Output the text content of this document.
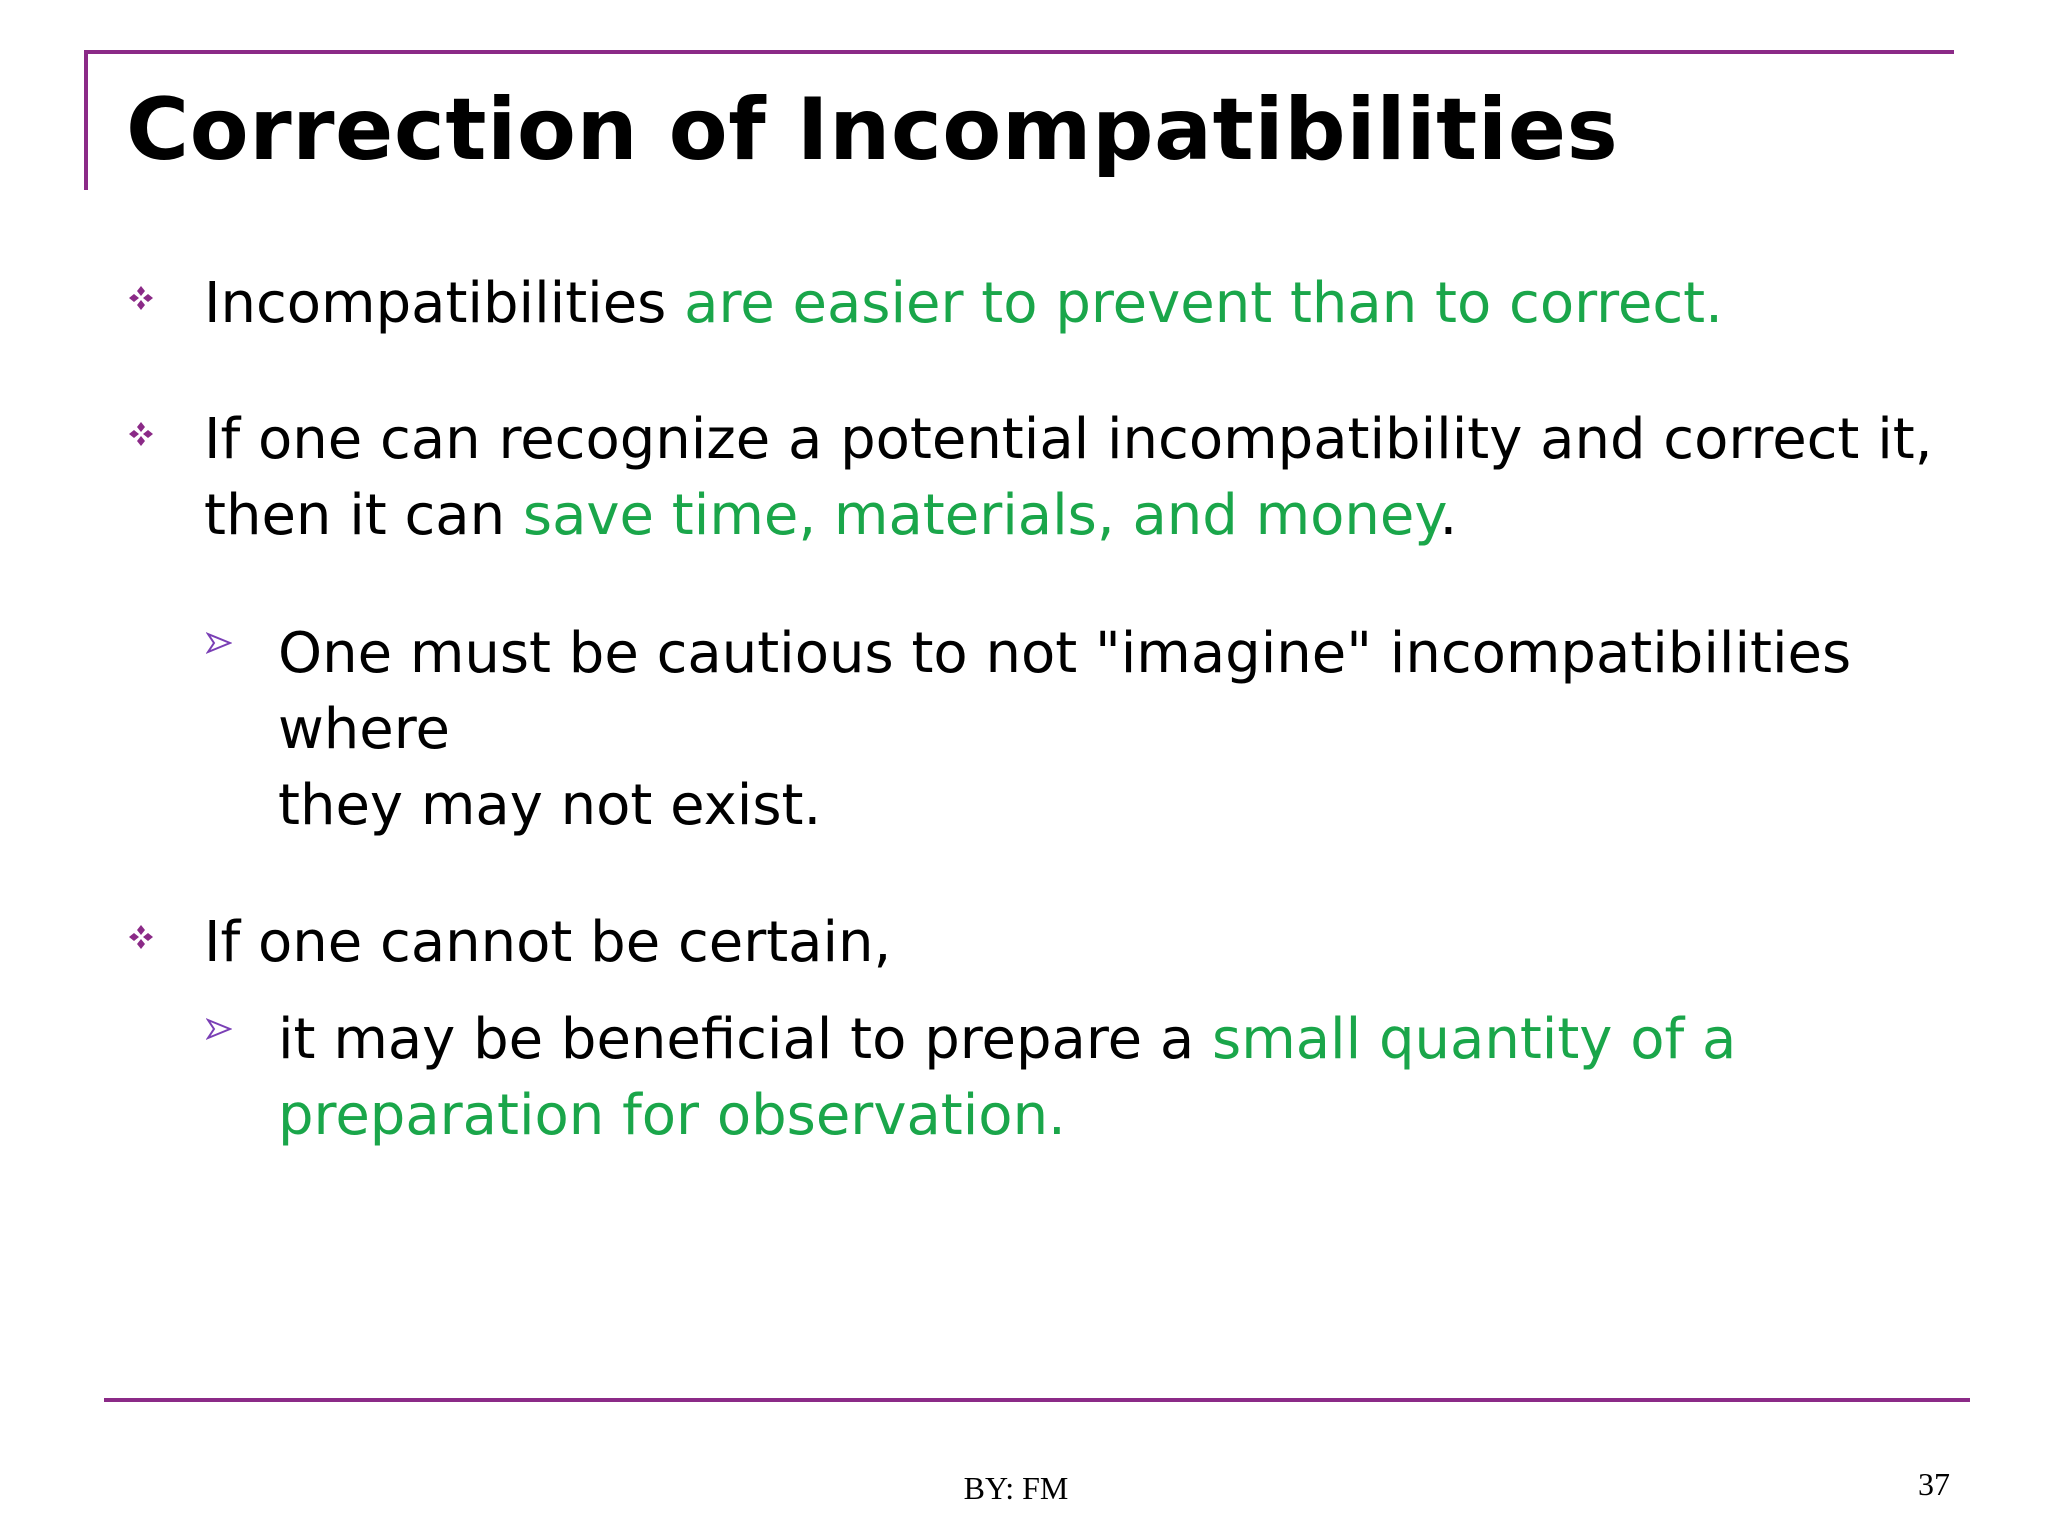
Correction of Incompatibilities
Incompatibilities are easier to prevent than to correct.
If one can recognize a potential incompatibility and correct it,
then it can save time, materials, and money.
One must be cautious to not "imagine" incompatibilities
where
they may not exist.
If one cannot be certain,
it may be beneficial to prepare a small quantity of a
preparation for observation.
BY: FM	37
